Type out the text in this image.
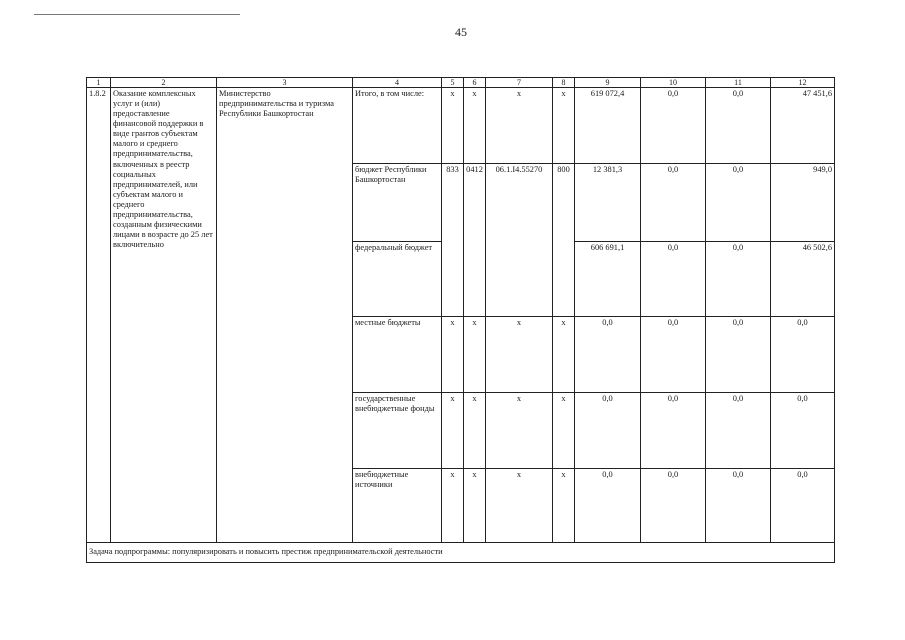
45
1	2	3	4	5	6	7	8	9	10	11	12
1.8.2	Оказание комплексных услуг и (или) предоставление финансовой поддержки в виде грантов субъектам малого и среднего предпринимательства, включенных в реестр социальных предпринимателей, или субъектам малого и среднего предпринимательства, созданным физическими лицами в возрасте до 25 лет включительно	Министерство предпринимательства и туризма Республики Башкортостан	Итого, в том числе:	x	x	x	x	619 072,4	0,0	0,0	47 451,6
			бюджет Республики Башкортостан	833	0412	06.1.I4.55270	800	12 381,3	0,0	0,0	949,0
			федеральный бюджет					606 691,1	0,0	0,0	46 502,6
			местные бюджеты	x	x	x	x	0,0	0,0	0,0	0,0
			государственные внебюджетные фонды	x	x	x	x	0,0	0,0	0,0	0,0
			внебюджетные источники	x	x	x	x	0,0	0,0	0,0	0,0
Задача подпрограммы: популяризировать и повысить престиж предпринимательской деятельности											
